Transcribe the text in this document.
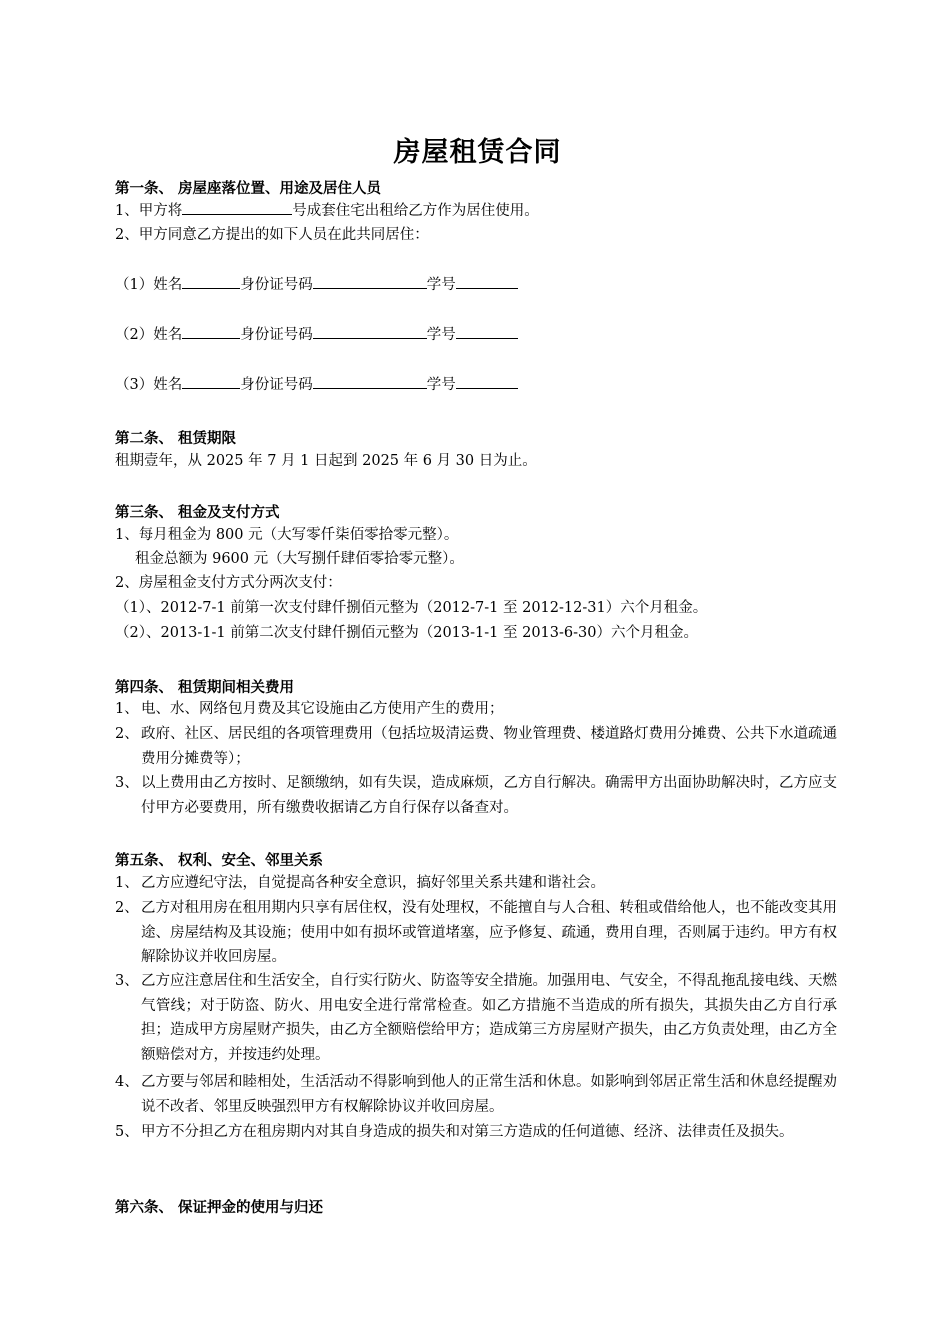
房屋租赁合同
第一条、 房屋座落位置、用途及居住人员
1、甲方将	号成套住宅出租给乙方作为居住使用。
2、甲方同意乙方提出的如下人员在此共同居住：
（1）姓名	身份证号码	学号
（2）姓名	身份证号码	学号
（3）姓名	身份证号码	学号
第二条、 租赁期限
租期壹年，从 2025 年 7 月 1 日起到 2025 年 6 月 30 日为止。
第三条、 租金及支付方式
1、每月租金为 800 元（大写零仟柒佰零拾零元整）。
租金总额为 9600 元（大写捌仟肆佰零拾零元整）。
2、房屋租金支付方式分两次支付：
（1）、2012-7-1 前第一次支付肆仟捌佰元整为（2012-7-1 至 2012-12-31）六个月租金。
（2）、2013-1-1 前第二次支付肆仟捌佰元整为（2013-1-1 至 2013-6-30）六个月租金。
第四条、 租赁期间相关费用
1、 电、水、网络包月费及其它设施由乙方使用产生的费用；
2、 政府、社区、居民组的各项管理费用（包括垃圾清运费、物业管理费、楼道路灯费用分摊费、公共下水道疏通费用分摊费等）；
3、 以上费用由乙方按时、足额缴纳，如有失误，造成麻烦，乙方自行解决。确需甲方出面协助解决时，乙方应支付甲方必要费用，所有缴费收据请乙方自行保存以备查对。
第五条、 权利、安全、邻里关系
1、 乙方应遵纪守法，自觉提高各种安全意识，搞好邻里关系共建和谐社会。
2、 乙方对租用房在租用期内只享有居住权，没有处理权，不能擅自与人合租、转租或借给他人，也不能改变其用途、房屋结构及其设施；使用中如有损坏或管道堵塞，应予修复、疏通，费用自理，否则属于违约。甲方有权解除协议并收回房屋。
3、 乙方应注意居住和生活安全，自行实行防火、防盗等安全措施。加强用电、气安全，不得乱拖乱接电线、天燃气管线；对于防盗、防火、用电安全进行常常检查。如乙方措施不当造成的所有损失，其损失由乙方自行承担；造成甲方房屋财产损失，由乙方全额赔偿给甲方；造成第三方房屋财产损失，由乙方负责处理，由乙方全额赔偿对方，并按违约处理。
4、 乙方要与邻居和睦相处，生活活动不得影响到他人的正常生活和休息。如影响到邻居正常生活和休息经提醒劝说不改者、邻里反映强烈甲方有权解除协议并收回房屋。
5、 甲方不分担乙方在租房期内对其自身造成的损失和对第三方造成的任何道德、经济、法律责任及损失。
第六条、 保证押金的使用与归还
